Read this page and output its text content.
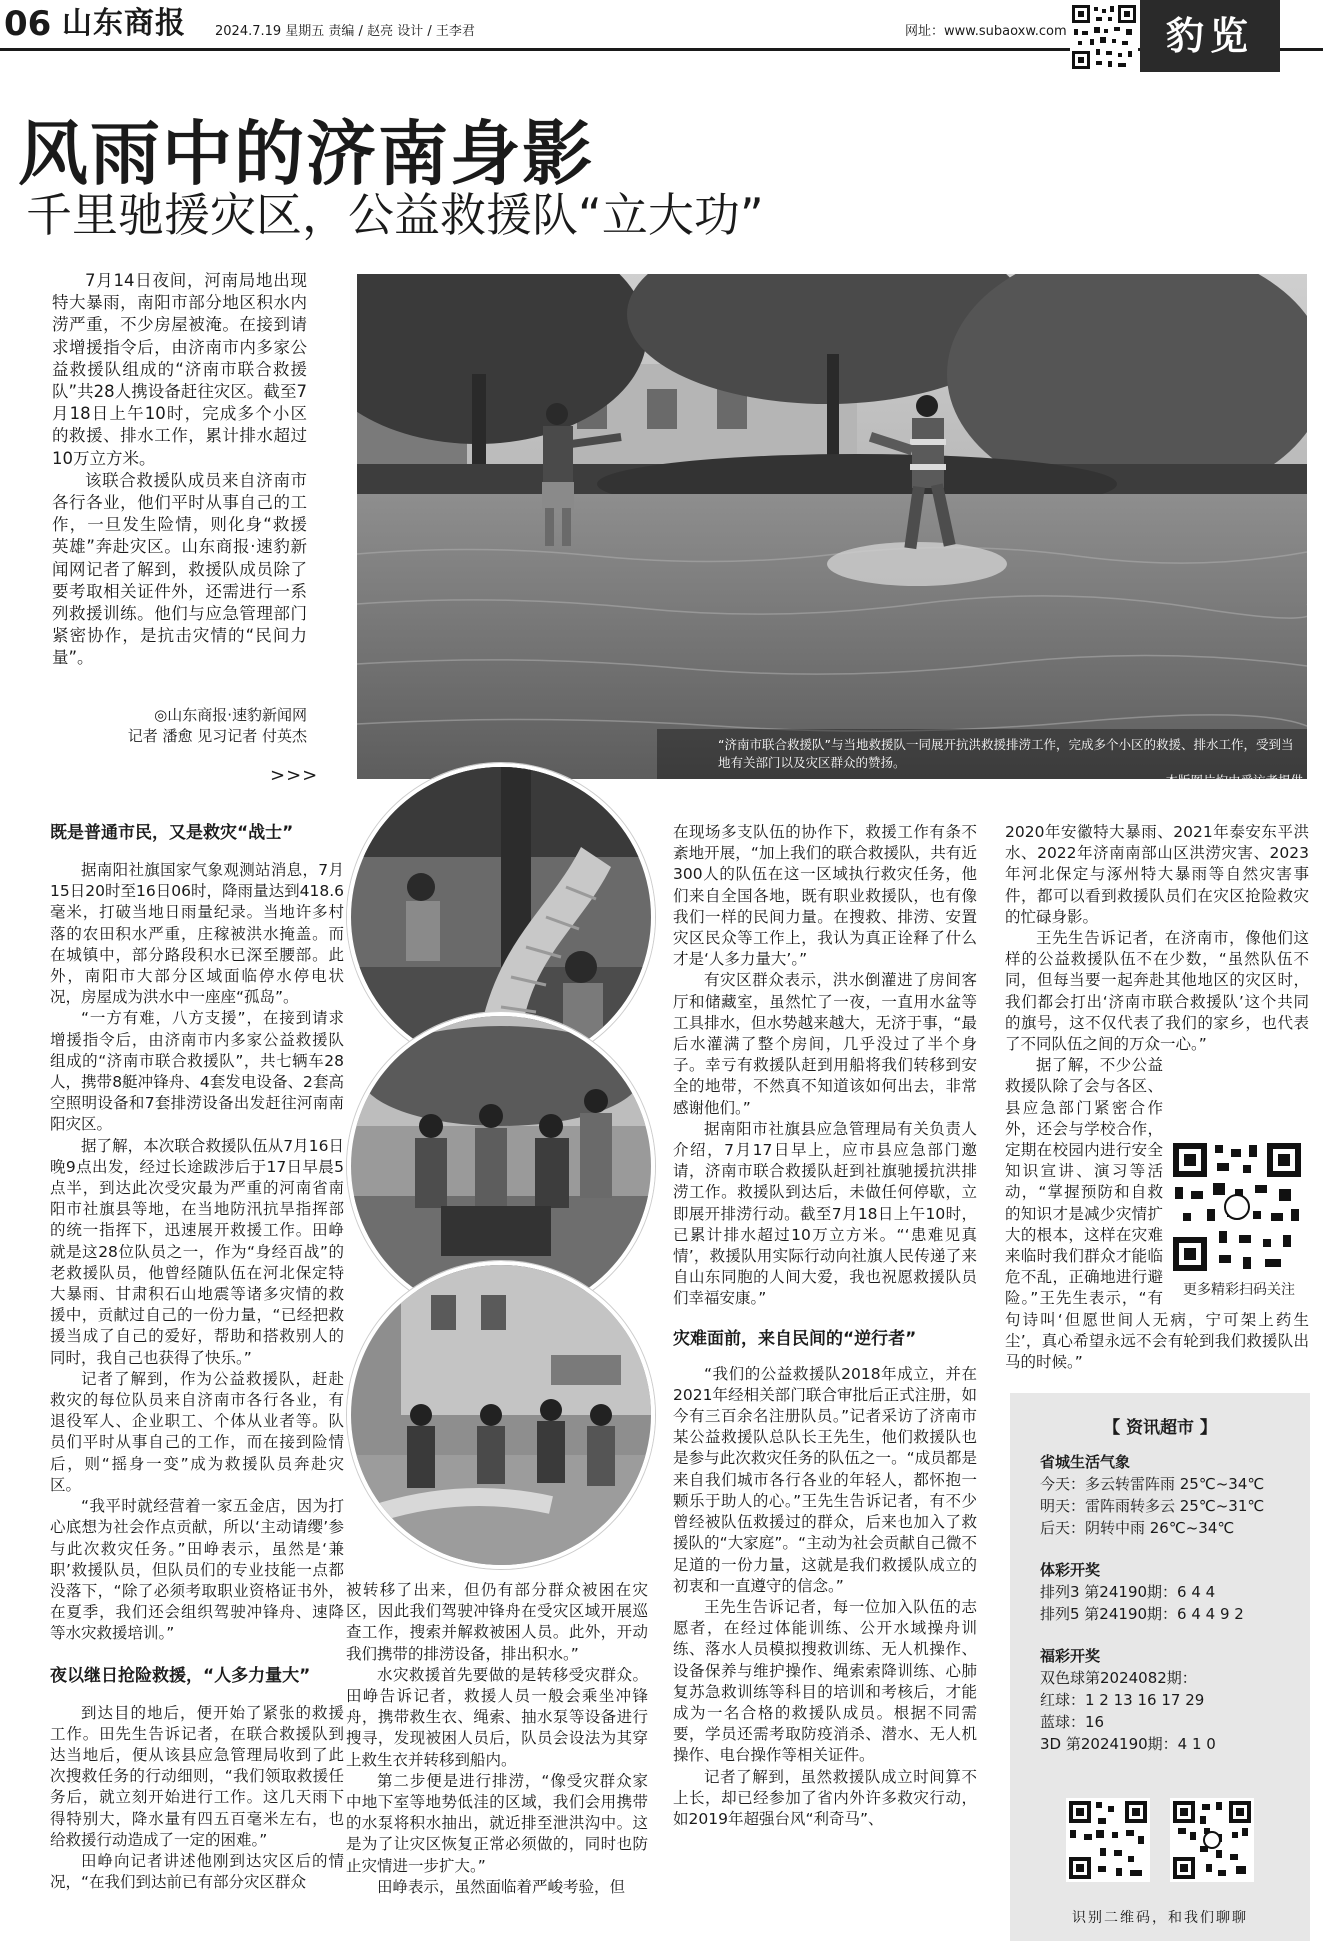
06 山东商报 2024.7.19 星期五 责编 / 赵亮 设计 / 王李君	网址：www.subaoxw.com	豹览
风雨中的济南身影
千里驰援灾区，公益救援队“立大功”

7月14日夜间，河南局地出现特大暴雨，南阳市部分地区积水内涝严重，不少房屋被淹。在接到请求增援指令后，由济南市内多家公益救援队组成的“济南市联合救援队”共28人携设备赶往灾区。截至7月18日上午10时，完成多个小区的救援、排水工作，累计排水超过10万立方米。

该联合救援队成员来自济南市各行各业，他们平时从事自己的工作，一旦发生险情，则化身“救援英雄”奔赴灾区。山东商报·速豹新闻网记者了解到，救援队成员除了要考取相关证件外，还需进行一系列救援训练。他们与应急管理部门紧密协作，是抗击灾情的“民间力量”。

◎山东商报·速豹新闻网
记者 潘愈 见习记者 付英杰
>>>
“济南市联合救援队”与当地救援队一同展开抗洪救援排涝工作，完成多个小区的救援、排水工作，受到当地有关部门以及灾区群众的赞扬。
本版图片均由受访者提供

既是普通市民，又是救灾“战士”

据南阳社旗国家气象观测站消息，7月15日20时至16日06时，降雨量达到418.6毫米，打破当地日雨量纪录。当地许多村落的农田积水严重，庄稼被洪水掩盖。而在城镇中，部分路段积水已深至腰部。此外，南阳市大部分区域面临停水停电状况，房屋成为洪水中一座座“孤岛”。

“一方有难，八方支援”，在接到请求增援指令后，由济南市内多家公益救援队组成的“济南市联合救援队”，共七辆车28人，携带8艇冲锋舟、4套发电设备、2套高空照明设备和7套排涝设备出发赶往河南南阳灾区。

据了解，本次联合救援队伍从7月16日晚9点出发，经过长途跋涉后于17日早晨5点半，到达此次受灾最为严重的河南省南阳市社旗县等地，在当地防汛抗旱指挥部的统一指挥下，迅速展开救援工作。田峥就是这28位队员之一，作为“身经百战”的老救援队员，他曾经随队伍在河北保定特大暴雨、甘肃积石山地震等诸多灾情的救援中，贡献过自己的一份力量，“已经把救援当成了自己的爱好，帮助和搭救别人的同时，我自己也获得了快乐。”

记者了解到，作为公益救援队，赶赴救灾的每位队员来自济南市各行各业，有退役军人、企业职工、个体从业者等。队员们平时从事自己的工作，而在接到险情后，则“摇身一变”成为救援队员奔赴灾区。

“我平时就经营着一家五金店，因为打心底想为社会作点贡献，所以‘主动请缨’参与此次救灾任务。”田峥表示，虽然是‘兼职’救援队员，但队员们的专业技能一点都没落下，“除了必须考取职业资格证书外，在夏季，我们还会组织驾驶冲锋舟、速降等水灾救援培训。”

夜以继日抢险救援，“人多力量大”

到达目的地后，便开始了紧张的救援工作。田先生告诉记者，在联合救援队到达当地后，便从该县应急管理局收到了此次搜救任务的行动细则，“我们领取救援任务后，就立刻开始进行工作。这几天雨下得特别大，降水量有四五百毫米左右，也给救援行动造成了一定的困难。”

田峥向记者讲述他刚到达灾区后的情况，“在我们到达前已有部分灾区群众

被转移了出来，但仍有部分群众被困在灾区，因此我们驾驶冲锋舟在受灾区域开展巡查工作，搜索并解救被困人员。此外，开动我们携带的排涝设备，排出积水。”

水灾救援首先要做的是转移受灾群众。田峥告诉记者，救援人员一般会乘坐冲锋舟，携带救生衣、绳索、抽水泵等设备进行搜寻，发现被困人员后，队员会设法为其穿上救生衣并转移到船内。

第二步便是进行排涝，“像受灾群众家中地下室等地势低洼的区域，我们会用携带的水泵将积水抽出，就近排至泄洪沟中。这是为了让灾区恢复正常必须做的，同时也防止灾情进一步扩大。”

田峥表示，虽然面临着严峻考验，但

在现场多支队伍的协作下，救援工作有条不紊地开展，“加上我们的联合救援队，共有近300人的队伍在这一区域执行救灾任务，他们来自全国各地，既有职业救援队，也有像我们一样的民间力量。在搜救、排涝、安置灾区民众等工作上，我认为真正诠释了什么才是‘人多力量大’。”

有灾区群众表示，洪水倒灌进了房间客厅和储藏室，虽然忙了一夜，一直用水盆等工具排水，但水势越来越大，无济于事，“最后水灌满了整个房间，几乎没过了半个身子。幸亏有救援队赶到用船将我们转移到安全的地带，不然真不知道该如何出去，非常感谢他们。”

据南阳市社旗县应急管理局有关负责人介绍，7月17日早上，应市县应急部门邀请，济南市联合救援队赶到社旗驰援抗洪排涝工作。救援队到达后，未做任何停歇，立即展开排涝行动。截至7月18日上午10时，已累计排水超过10万立方米。“‘患难见真情’，救援队用实际行动向社旗人民传递了来自山东同胞的人间大爱，我也祝愿救援队员们幸福安康。”

灾难面前，来自民间的“逆行者”

“我们的公益救援队2018年成立，并在2021年经相关部门联合审批后正式注册，如今有三百余名注册队员。”记者采访了济南市某公益救援队总队长王先生，他们救援队也是参与此次救灾任务的队伍之一。“成员都是来自我们城市各行各业的年轻人，都怀抱一颗乐于助人的心。”王先生告诉记者，有不少曾经被队伍救援过的群众，后来也加入了救援队的“大家庭”。“主动为社会贡献自己微不足道的一份力量，这就是我们救援队成立的初衷和一直遵守的信念。”

王先生告诉记者，每一位加入队伍的志愿者，在经过体能训练、公开水域操舟训练、落水人员模拟搜救训练、无人机操作、设备保养与维护操作、绳索索降训练、心肺复苏急救训练等科目的培训和考核后，才能成为一名合格的救援队成员。根据不同需要，学员还需考取防疫消杀、潜水、无人机操作、电台操作等相关证件。

记者了解到，虽然救援队成立时间算不上长，却已经参加了省内外许多救灾行动，如2019年超强台风“利奇马”、

2020年安徽特大暴雨、2021年泰安东平洪水、2022年济南南部山区洪涝灾害、2023年河北保定与涿州特大暴雨等自然灾害事件，都可以看到救援队员们在灾区抢险救灾的忙碌身影。

王先生告诉记者，在济南市，像他们这样的公益救援队伍不在少数，“虽然队伍不同，但每当要一起奔赴其他地区的灾区时，我们都会打出‘济南市联合救援队’这个共同的旗号，这不仅代表了我们的家乡，也代表了不同队伍之间的万众一心。”

更多精彩扫码关注

据了解，不少公益救援队除了会与各区、县应急部门紧密合作外，还会与学校合作，定期在校园内进行安全知识宣讲、演习等活动，“掌握预防和自救的知识才是减少灾情扩大的根本，这样在灾难来临时我们群众才能临危不乱，正确地进行避险。”王先生表示，“有句诗叫‘但愿世间人无病，宁可架上药生尘’，真心希望永远不会有轮到我们救援队出马的时候。”

【 资讯超市 】
省城生活气象
今天：多云转雷阵雨 25℃~34℃
明天：雷阵雨转多云 25℃~31℃
后天：阴转中雨 26℃~34℃
体彩开奖
排列3 第24190期：6 4 4
排列5 第24190期：6 4 4 9 2
福彩开奖
双色球第2024082期：
红球：1 2 13 16 17 29
蓝球：16
3D 第2024190期：4 1 0
识别二维码，和我们聊聊
